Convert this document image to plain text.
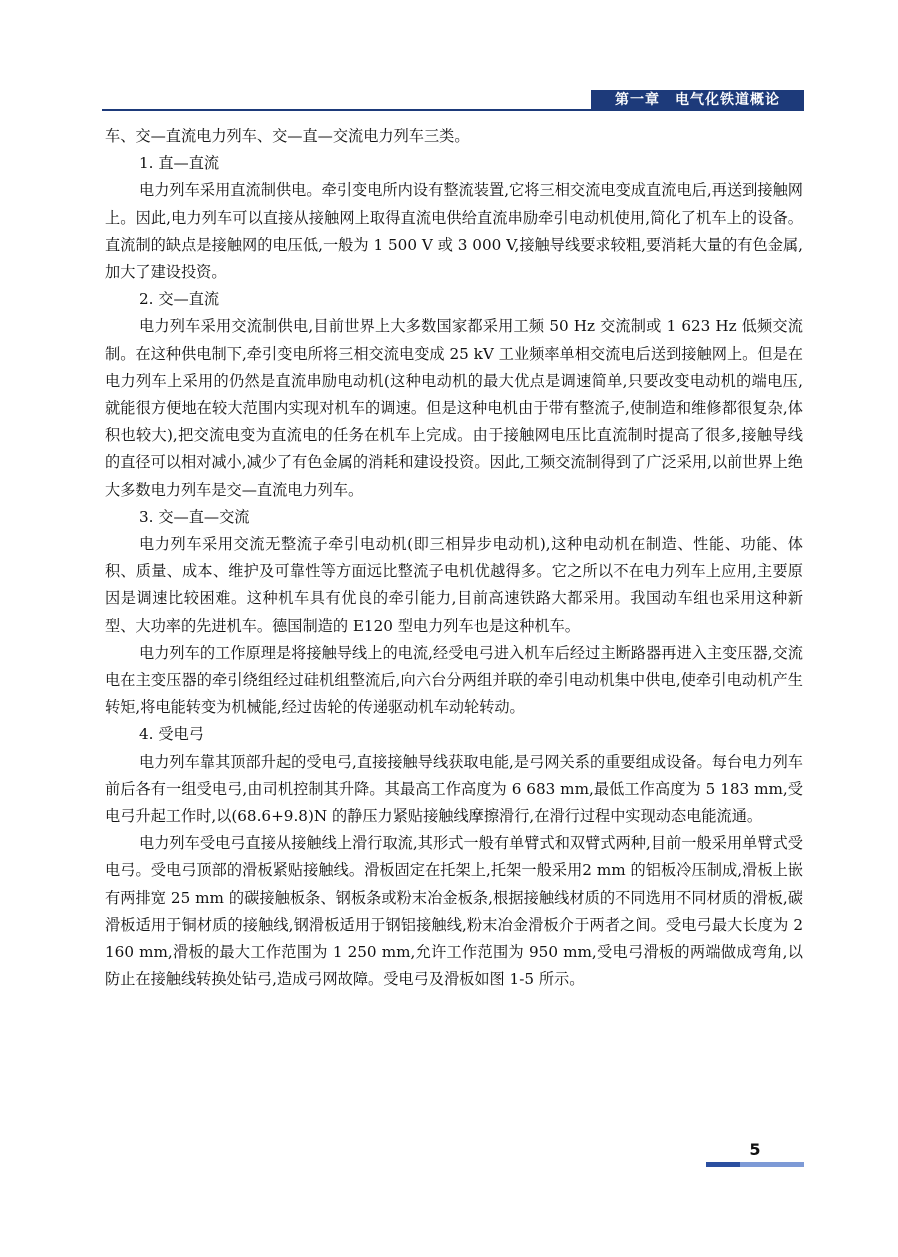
第一章　电气化铁道概论

车、交—直流电力列车、交—直—交流电力列车三类。

1. 直—直流

电力列车采用直流制供电。牵引变电所内设有整流装置,它将三相交流电变成直流电后,再送到接触网上。因此,电力列车可以直接从接触网上取得直流电供给直流串励牵引电动机使用,简化了机车上的设备。直流制的缺点是接触网的电压低,一般为 1 500 V 或 3 000 V,接触导线要求较粗,要消耗大量的有色金属,加大了建设投资。

2. 交—直流

电力列车采用交流制供电,目前世界上大多数国家都采用工频 50 Hz 交流制或 1 623 Hz 低频交流制。在这种供电制下,牵引变电所将三相交流电变成 25 kV 工业频率单相交流电后送到接触网上。但是在电力列车上采用的仍然是直流串励电动机(这种电动机的最大优点是调速简单,只要改变电动机的端电压,就能很方便地在较大范围内实现对机车的调速。但是这种电机由于带有整流子,使制造和维修都很复杂,体积也较大),把交流电变为直流电的任务在机车上完成。由于接触网电压比直流制时提高了很多,接触导线的直径可以相对减小,减少了有色金属的消耗和建设投资。因此,工频交流制得到了广泛采用,以前世界上绝大多数电力列车是交—直流电力列车。

3. 交—直—交流

电力列车采用交流无整流子牵引电动机(即三相异步电动机),这种电动机在制造、性能、功能、体积、质量、成本、维护及可靠性等方面远比整流子电机优越得多。它之所以不在电力列车上应用,主要原因是调速比较困难。这种机车具有优良的牵引能力,目前高速铁路大都采用。我国动车组也采用这种新型、大功率的先进机车。德国制造的 E120 型电力列车也是这种机车。

电力列车的工作原理是将接触导线上的电流,经受电弓进入机车后经过主断路器再进入主变压器,交流电在主变压器的牵引绕组经过硅机组整流后,向六台分两组并联的牵引电动机集中供电,使牵引电动机产生转矩,将电能转变为机械能,经过齿轮的传递驱动机车动轮转动。

4. 受电弓

电力列车靠其顶部升起的受电弓,直接接触导线获取电能,是弓网关系的重要组成设备。每台电力列车前后各有一组受电弓,由司机控制其升降。其最高工作高度为 6 683 mm,最低工作高度为 5 183 mm,受电弓升起工作时,以(68.6+9.8)N 的静压力紧贴接触线摩擦滑行,在滑行过程中实现动态电能流通。

电力列车受电弓直接从接触线上滑行取流,其形式一般有单臂式和双臂式两种,目前一般采用单臂式受电弓。受电弓顶部的滑板紧贴接触线。滑板固定在托架上,托架一般采用2 mm 的铝板冷压制成,滑板上嵌有两排宽 25 mm 的碳接触板条、钢板条或粉末冶金板条,根据接触线材质的不同选用不同材质的滑板,碳滑板适用于铜材质的接触线,钢滑板适用于钢铝接触线,粉末冶金滑板介于两者之间。受电弓最大长度为 2 160 mm,滑板的最大工作范围为 1 250 mm,允许工作范围为 950 mm,受电弓滑板的两端做成弯角,以防止在接触线转换处钻弓,造成弓网故障。受电弓及滑板如图 1-5 所示。

5
